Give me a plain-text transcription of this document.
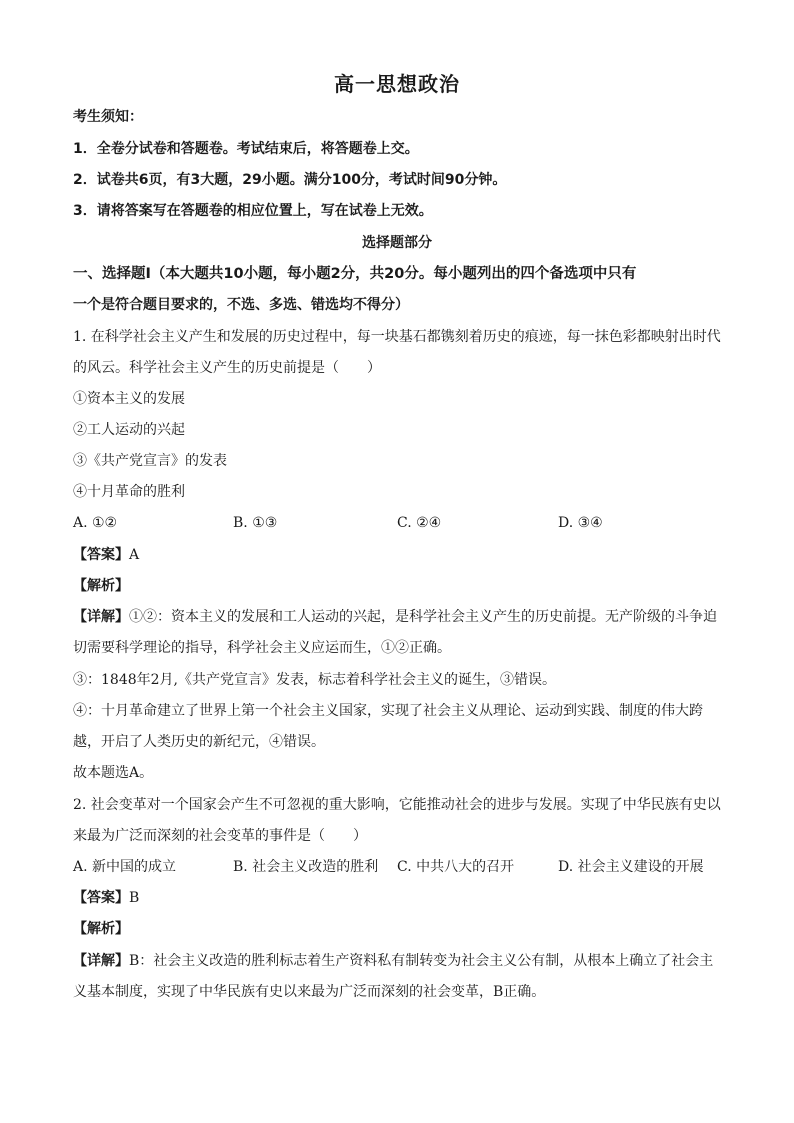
高一思想政治
考生须知：
1．全卷分试卷和答题卷。考试结束后，将答题卷上交。
2．试卷共6页，有3大题，29小题。满分100分，考试时间90分钟。
3．请将答案写在答题卷的相应位置上，写在试卷上无效。
选择题部分
一、选择题Ⅰ（本大题共10小题，每小题2分，共20分。每小题列出的四个备选项中只有
一个是符合题目要求的，不选、多选、错选均不得分）
1. 在科学社会主义产生和发展的历史过程中，每一块基石都镌刻着历史的痕迹，每一抹色彩都映射出时代
的风云。科学社会主义产生的历史前提是（　　）
①资本主义的发展
②工人运动的兴起
③《共产党宣言》的发表
④十月革命的胜利
A. ①②	B. ①③	C. ②④	D. ③④
【答案】A
【解析】
【详解】①②：资本主义的发展和工人运动的兴起，是科学社会主义产生的历史前提。无产阶级的斗争迫
切需要科学理论的指导，科学社会主义应运而生，①②正确。
③：1848年2月,《共产党宣言》发表，标志着科学社会主义的诞生，③错误。
④：十月革命建立了世界上第一个社会主义国家，实现了社会主义从理论、运动到实践、制度的伟大跨
越，开启了人类历史的新纪元，④错误。
故本题选A。
2. 社会变革对一个国家会产生不可忽视的重大影响，它能推动社会的进步与发展。实现了中华民族有史以
来最为广泛而深刻的社会变革的事件是（　　）
A. 新中国的成立	B. 社会主义改造的胜利 C. 中共八大的召开	D. 社会主义建设的开展
【答案】B
【解析】
【详解】B：社会主义改造的胜利标志着生产资料私有制转变为社会主义公有制，从根本上确立了社会主
义基本制度，实现了中华民族有史以来最为广泛而深刻的社会变革，B正确。
